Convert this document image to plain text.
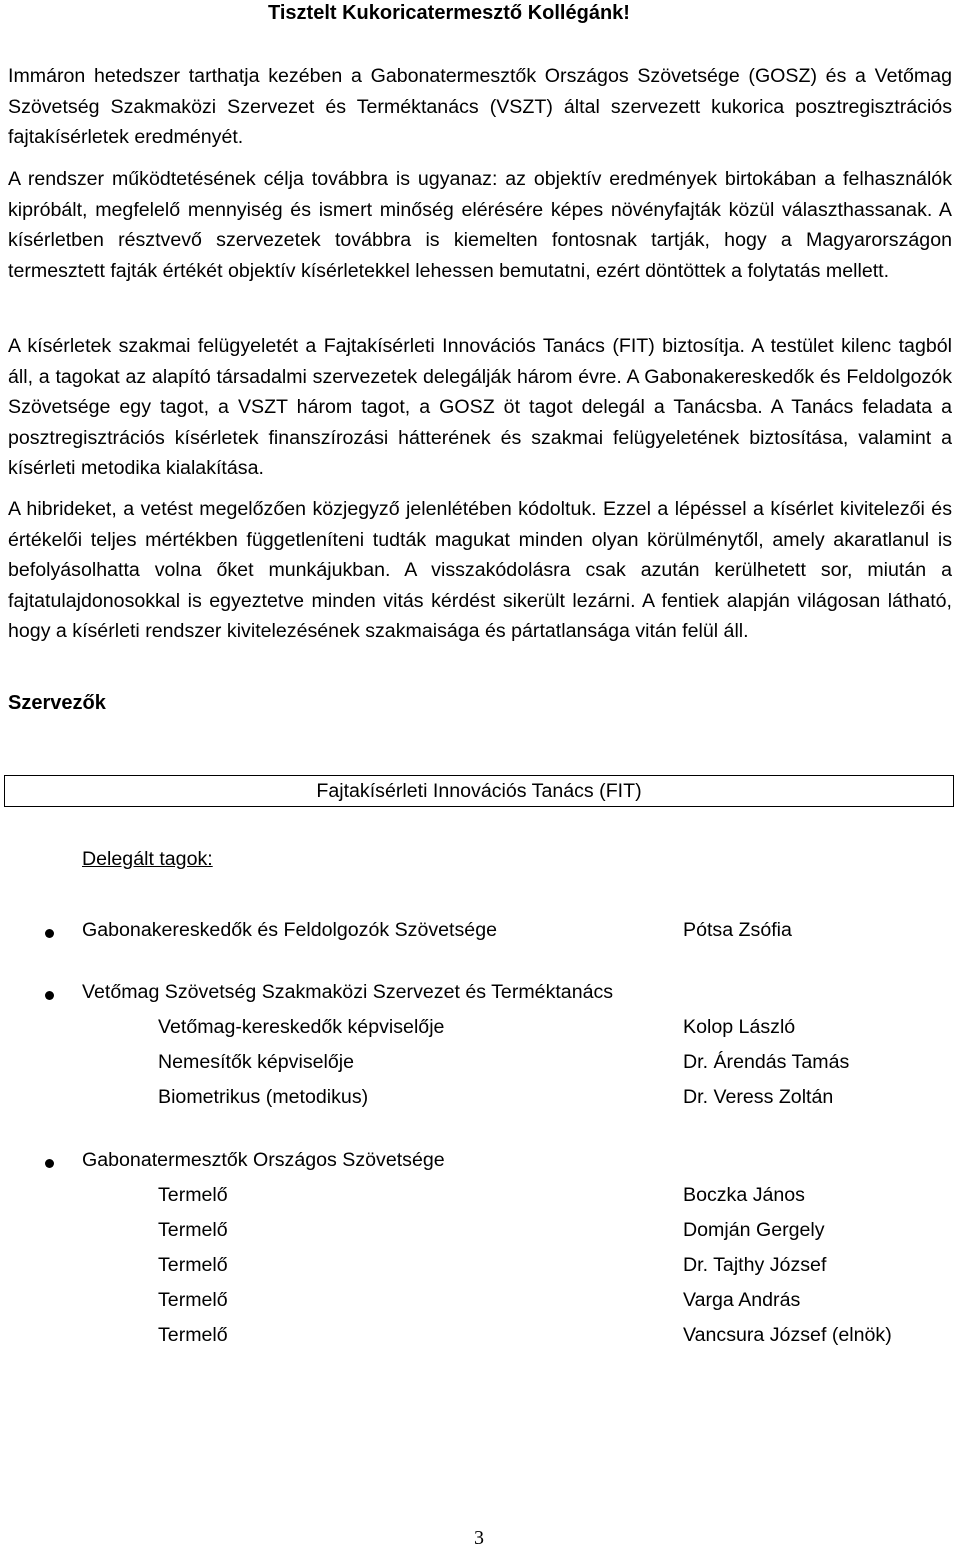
Tisztelt Kukoricatermesztő Kollégánk!

Immáron hetedszer tarthatja kezében a Gabonatermesztők Országos Szövetsége (GOSZ) és a Vetőmag Szövetség Szakmaközi Szervezet és Terméktanács (VSZT) által szervezett kukorica posztregisztrációs fajtakísérletek eredményét.

A rendszer működtetésének célja továbbra is ugyanaz: az objektív eredmények birtokában a felhasználók kipróbált, megfelelő mennyiség és ismert minőség elérésére képes növényfajták közül választhassanak. A kísérletben résztvevő szervezetek továbbra is kiemelten fontosnak tartják, hogy a Magyarországon termesztett fajták értékét objektív kísérletekkel lehessen bemutatni, ezért döntöttek a folytatás mellett.

A kísérletek szakmai felügyeletét a Fajtakísérleti Innovációs Tanács (FIT) biztosítja. A testület kilenc tagból áll, a tagokat az alapító társadalmi szervezetek delegálják három évre. A Gabonakereskedők és Feldolgozók Szövetsége egy tagot, a VSZT három tagot, a GOSZ öt tagot delegál a Tanácsba. A Tanács feladata a posztregisztrációs kísérletek finanszírozási hátterének és szakmai felügyeletének biztosítása, valamint a kísérleti metodika kialakítása.

A hibrideket, a vetést megelőzően közjegyző jelenlétében kódoltuk. Ezzel a lépéssel a kísérlet kivitelezői és értékelői teljes mértékben függetleníteni tudták magukat minden olyan körülménytől, amely akaratlanul is befolyásolhatta volna őket munkájukban. A visszakódolásra csak azután kerülhetett sor, miután a fajtatulajdonosokkal is egyeztetve minden vitás kérdést sikerült lezárni. A fentiek alapján világosan látható, hogy a kísérleti rendszer kivitelezésének szakmaisága és pártatlansága vitán felül áll.

Szervezők
Fajtakísérleti Innovációs Tanács (FIT)
Delegált tagok:
Gabonakereskedők és Feldolgozók Szövetsége	Pótsa Zsófia
Vetőmag Szövetség Szakmaközi Szervezet és Terméktanács
Vetőmag-kereskedők képviselője	Kolop László
Nemesítők képviselője	Dr. Árendás Tamás
Biometrikus (metodikus)	Dr. Veress Zoltán
Gabonatermesztők Országos Szövetsége
Termelő	Boczka János
Termelő	Domján Gergely
Termelő	Dr. Tajthy József
Termelő	Varga András
Termelő	Vancsura József (elnök)
3
